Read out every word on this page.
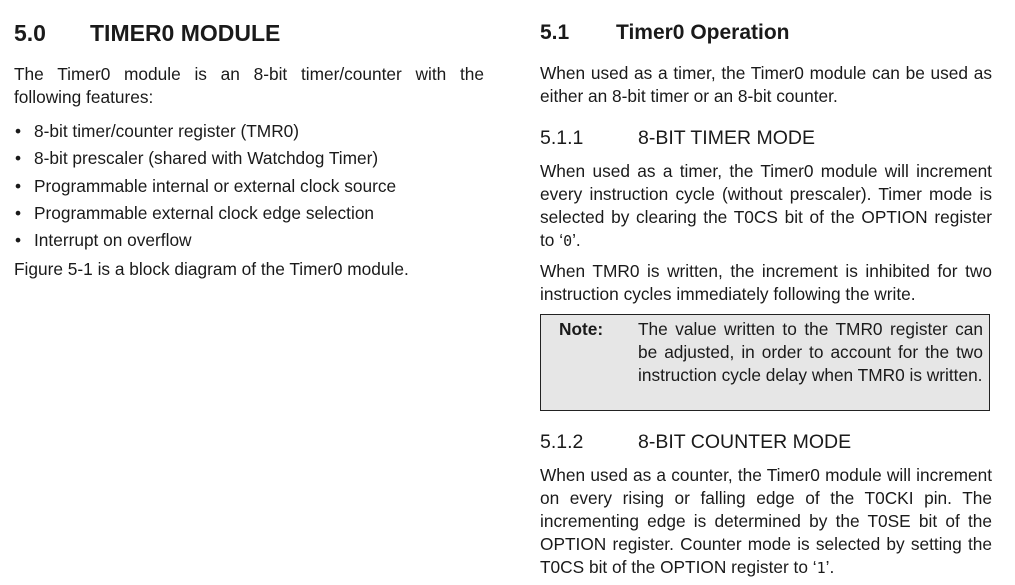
5.0 TIMER0 MODULE

The Timer0 module is an 8-bit timer/counter with the following features:

• 8-bit timer/counter register (TMR0)
• 8-bit prescaler (shared with Watchdog Timer)
• Programmable internal or external clock source
• Programmable external clock edge selection
• Interrupt on overflow

Figure 5-1 is a block diagram of the Timer0 module.

5.1 Timer0 Operation

When used as a timer, the Timer0 module can be used as either an 8-bit timer or an 8-bit counter.

5.1.1	8-BIT TIMER MODE

When used as a timer, the Timer0 module will increment every instruction cycle (without prescaler). Timer mode is selected by clearing the T0CS bit of the OPTION register to ‘0’.

When TMR0 is written, the increment is inhibited for two instruction cycles immediately following the write.

Note: The value written to the TMR0 register can be adjusted, in order to account for the two instruction cycle delay when TMR0 is written.
5.1.2	8-BIT COUNTER MODE

When used as a counter, the Timer0 module will increment on every rising or falling edge of the T0CKI pin. The incrementing edge is determined by the T0SE bit of the OPTION register. Counter mode is selected by setting the T0CS bit of the OPTION register to ‘1’.
